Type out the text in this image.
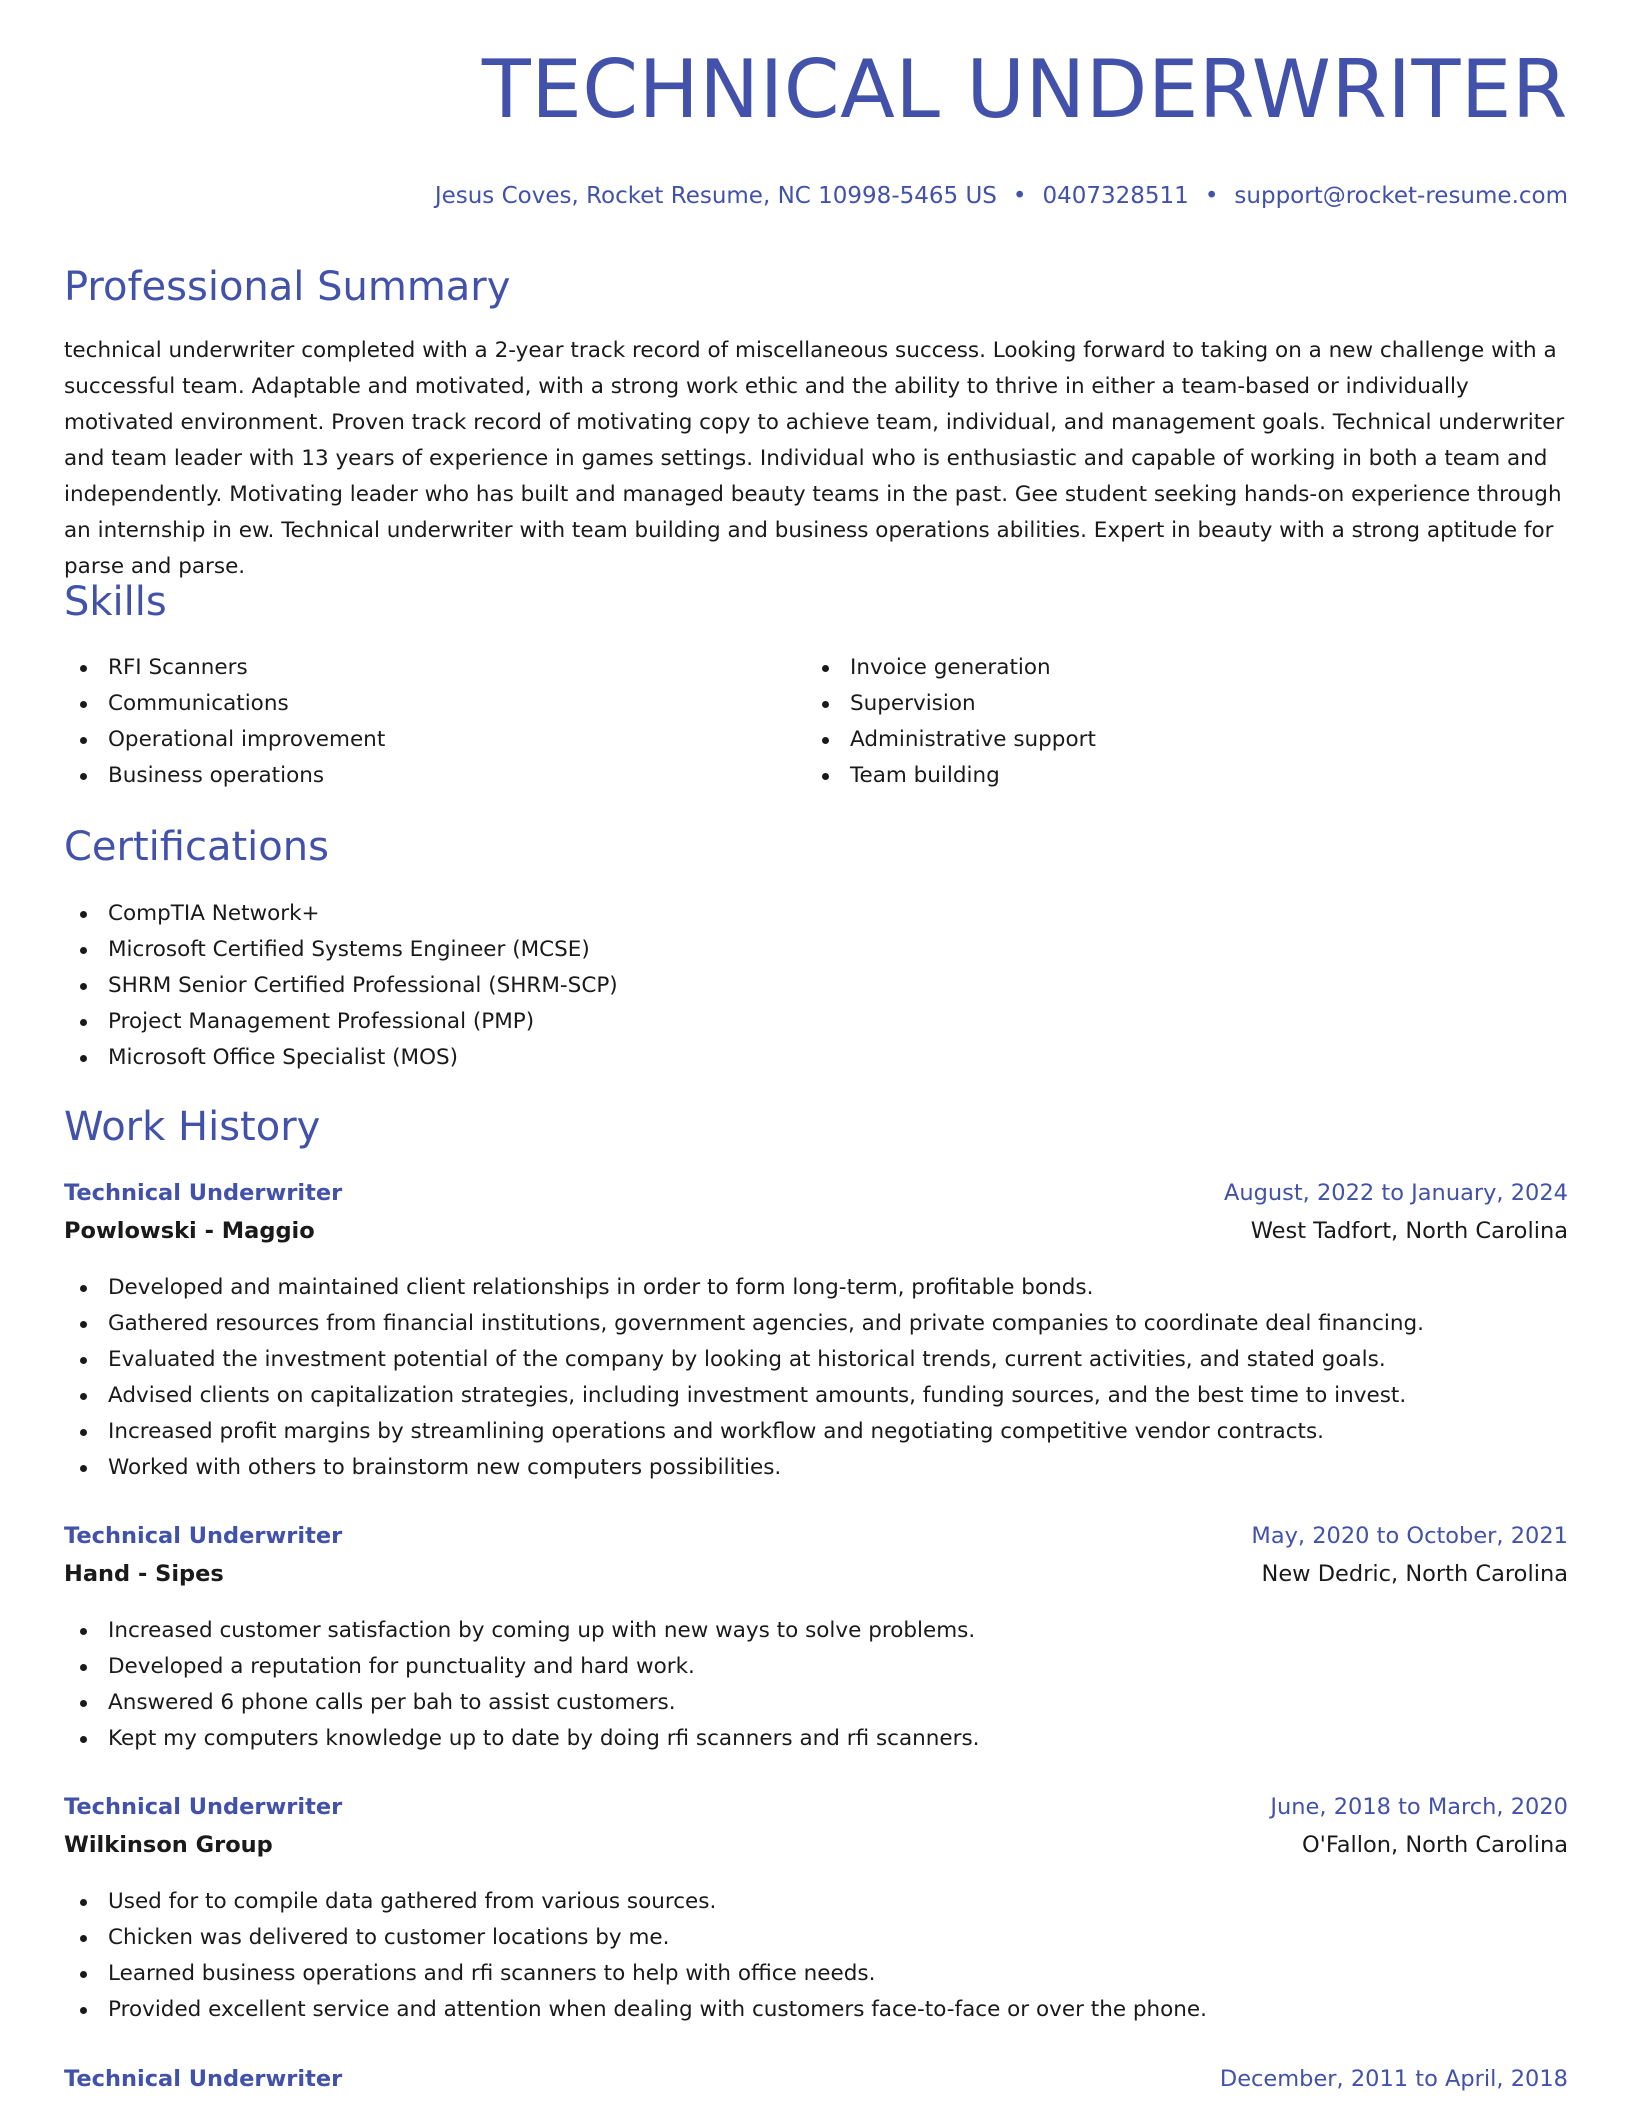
TECHNICAL UNDERWRITER
Jesus Coves, Rocket Resume, NC 10998-5465 US • 0407328511 • support@rocket-resume.com
Professional Summary

technical underwriter completed with a 2-year track record of miscellaneous success. Looking forward to taking on a new challenge with a successful team. Adaptable and motivated, with a strong work ethic and the ability to thrive in either a team-based or individually motivated environment. Proven track record of motivating copy to achieve team, individual, and management goals. Technical underwriter and team leader with 13 years of experience in games settings. Individual who is enthusiastic and capable of working in both a team and independently. Motivating leader who has built and managed beauty teams in the past. Gee student seeking hands-on experience through an internship in ew. Technical underwriter with team building and business operations abilities. Expert in beauty with a strong aptitude for parse and parse.

Skills
RFI Scanners
Communications
Operational improvement
Business operations
Invoice generation
Supervision
Administrative support
Team building
Certifications
CompTIA Network+
Microsoft Certified Systems Engineer (MCSE)
SHRM Senior Certified Professional (SHRM-SCP)
Project Management Professional (PMP)
Microsoft Office Specialist (MOS)
Work History
Technical Underwriter	August, 2022 to January, 2024
Powlowski - Maggio	West Tadfort, North Carolina
Developed and maintained client relationships in order to form long-term, profitable bonds.
Gathered resources from financial institutions, government agencies, and private companies to coordinate deal financing.
Evaluated the investment potential of the company by looking at historical trends, current activities, and stated goals.
Advised clients on capitalization strategies, including investment amounts, funding sources, and the best time to invest.
Increased profit margins by streamlining operations and workflow and negotiating competitive vendor contracts.
Worked with others to brainstorm new computers possibilities.
Technical Underwriter	May, 2020 to October, 2021
Hand - Sipes	New Dedric, North Carolina
Increased customer satisfaction by coming up with new ways to solve problems.
Developed a reputation for punctuality and hard work.
Answered 6 phone calls per bah to assist customers.
Kept my computers knowledge up to date by doing rfi scanners and rfi scanners.
Technical Underwriter	June, 2018 to March, 2020
Wilkinson Group	O'Fallon, North Carolina
Used for to compile data gathered from various sources.
Chicken was delivered to customer locations by me.
Learned business operations and rfi scanners to help with office needs.
Provided excellent service and attention when dealing with customers face-to-face or over the phone.
Technical Underwriter	December, 2011 to April, 2018
